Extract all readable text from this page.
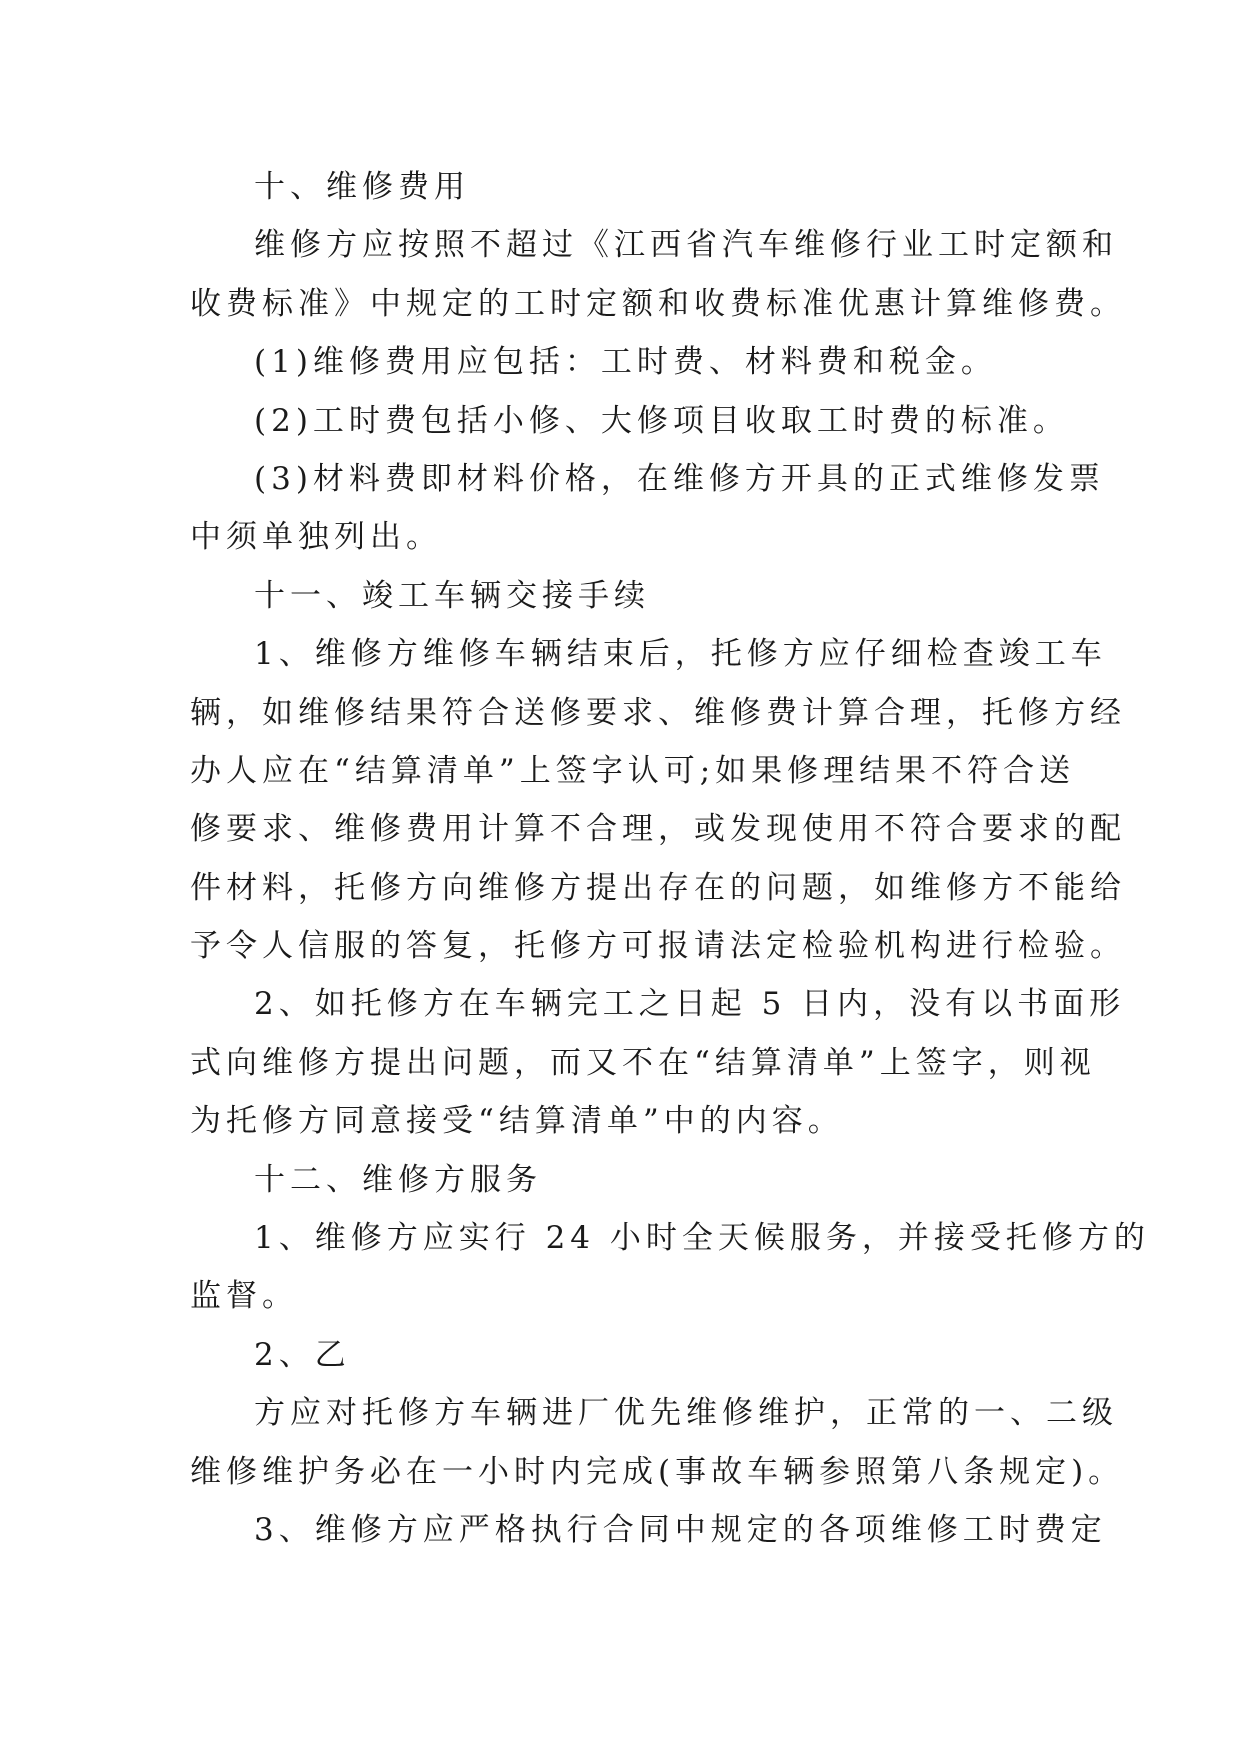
十、维修费用
维修方应按照不超过《江西省汽车维修行业工时定额和
收费标准》中规定的工时定额和收费标准优惠计算维修费。
(1)维修费用应包括：工时费、材料费和税金。
(2)工时费包括小修、大修项目收取工时费的标准。
(3)材料费即材料价格，在维修方开具的正式维修发票
中须单独列出。
十一、竣工车辆交接手续
1、维修方维修车辆结束后，托修方应仔细检查竣工车
辆，如维修结果符合送修要求、维修费计算合理，托修方经
办人应在“结算清单”上签字认可;如果修理结果不符合送
修要求、维修费用计算不合理，或发现使用不符合要求的配
件材料，托修方向维修方提出存在的问题，如维修方不能给
予令人信服的答复，托修方可报请法定检验机构进行检验。
2、如托修方在车辆完工之日起 5 日内，没有以书面形
式向维修方提出问题，而又不在“结算清单”上签字，则视
为托修方同意接受“结算清单”中的内容。
十二、维修方服务
1、维修方应实行 24 小时全天候服务，并接受托修方的
监督。
2、乙
方应对托修方车辆进厂优先维修维护，正常的一、二级
维修维护务必在一小时内完成(事故车辆参照第八条规定)。
3、维修方应严格执行合同中规定的各项维修工时费定
